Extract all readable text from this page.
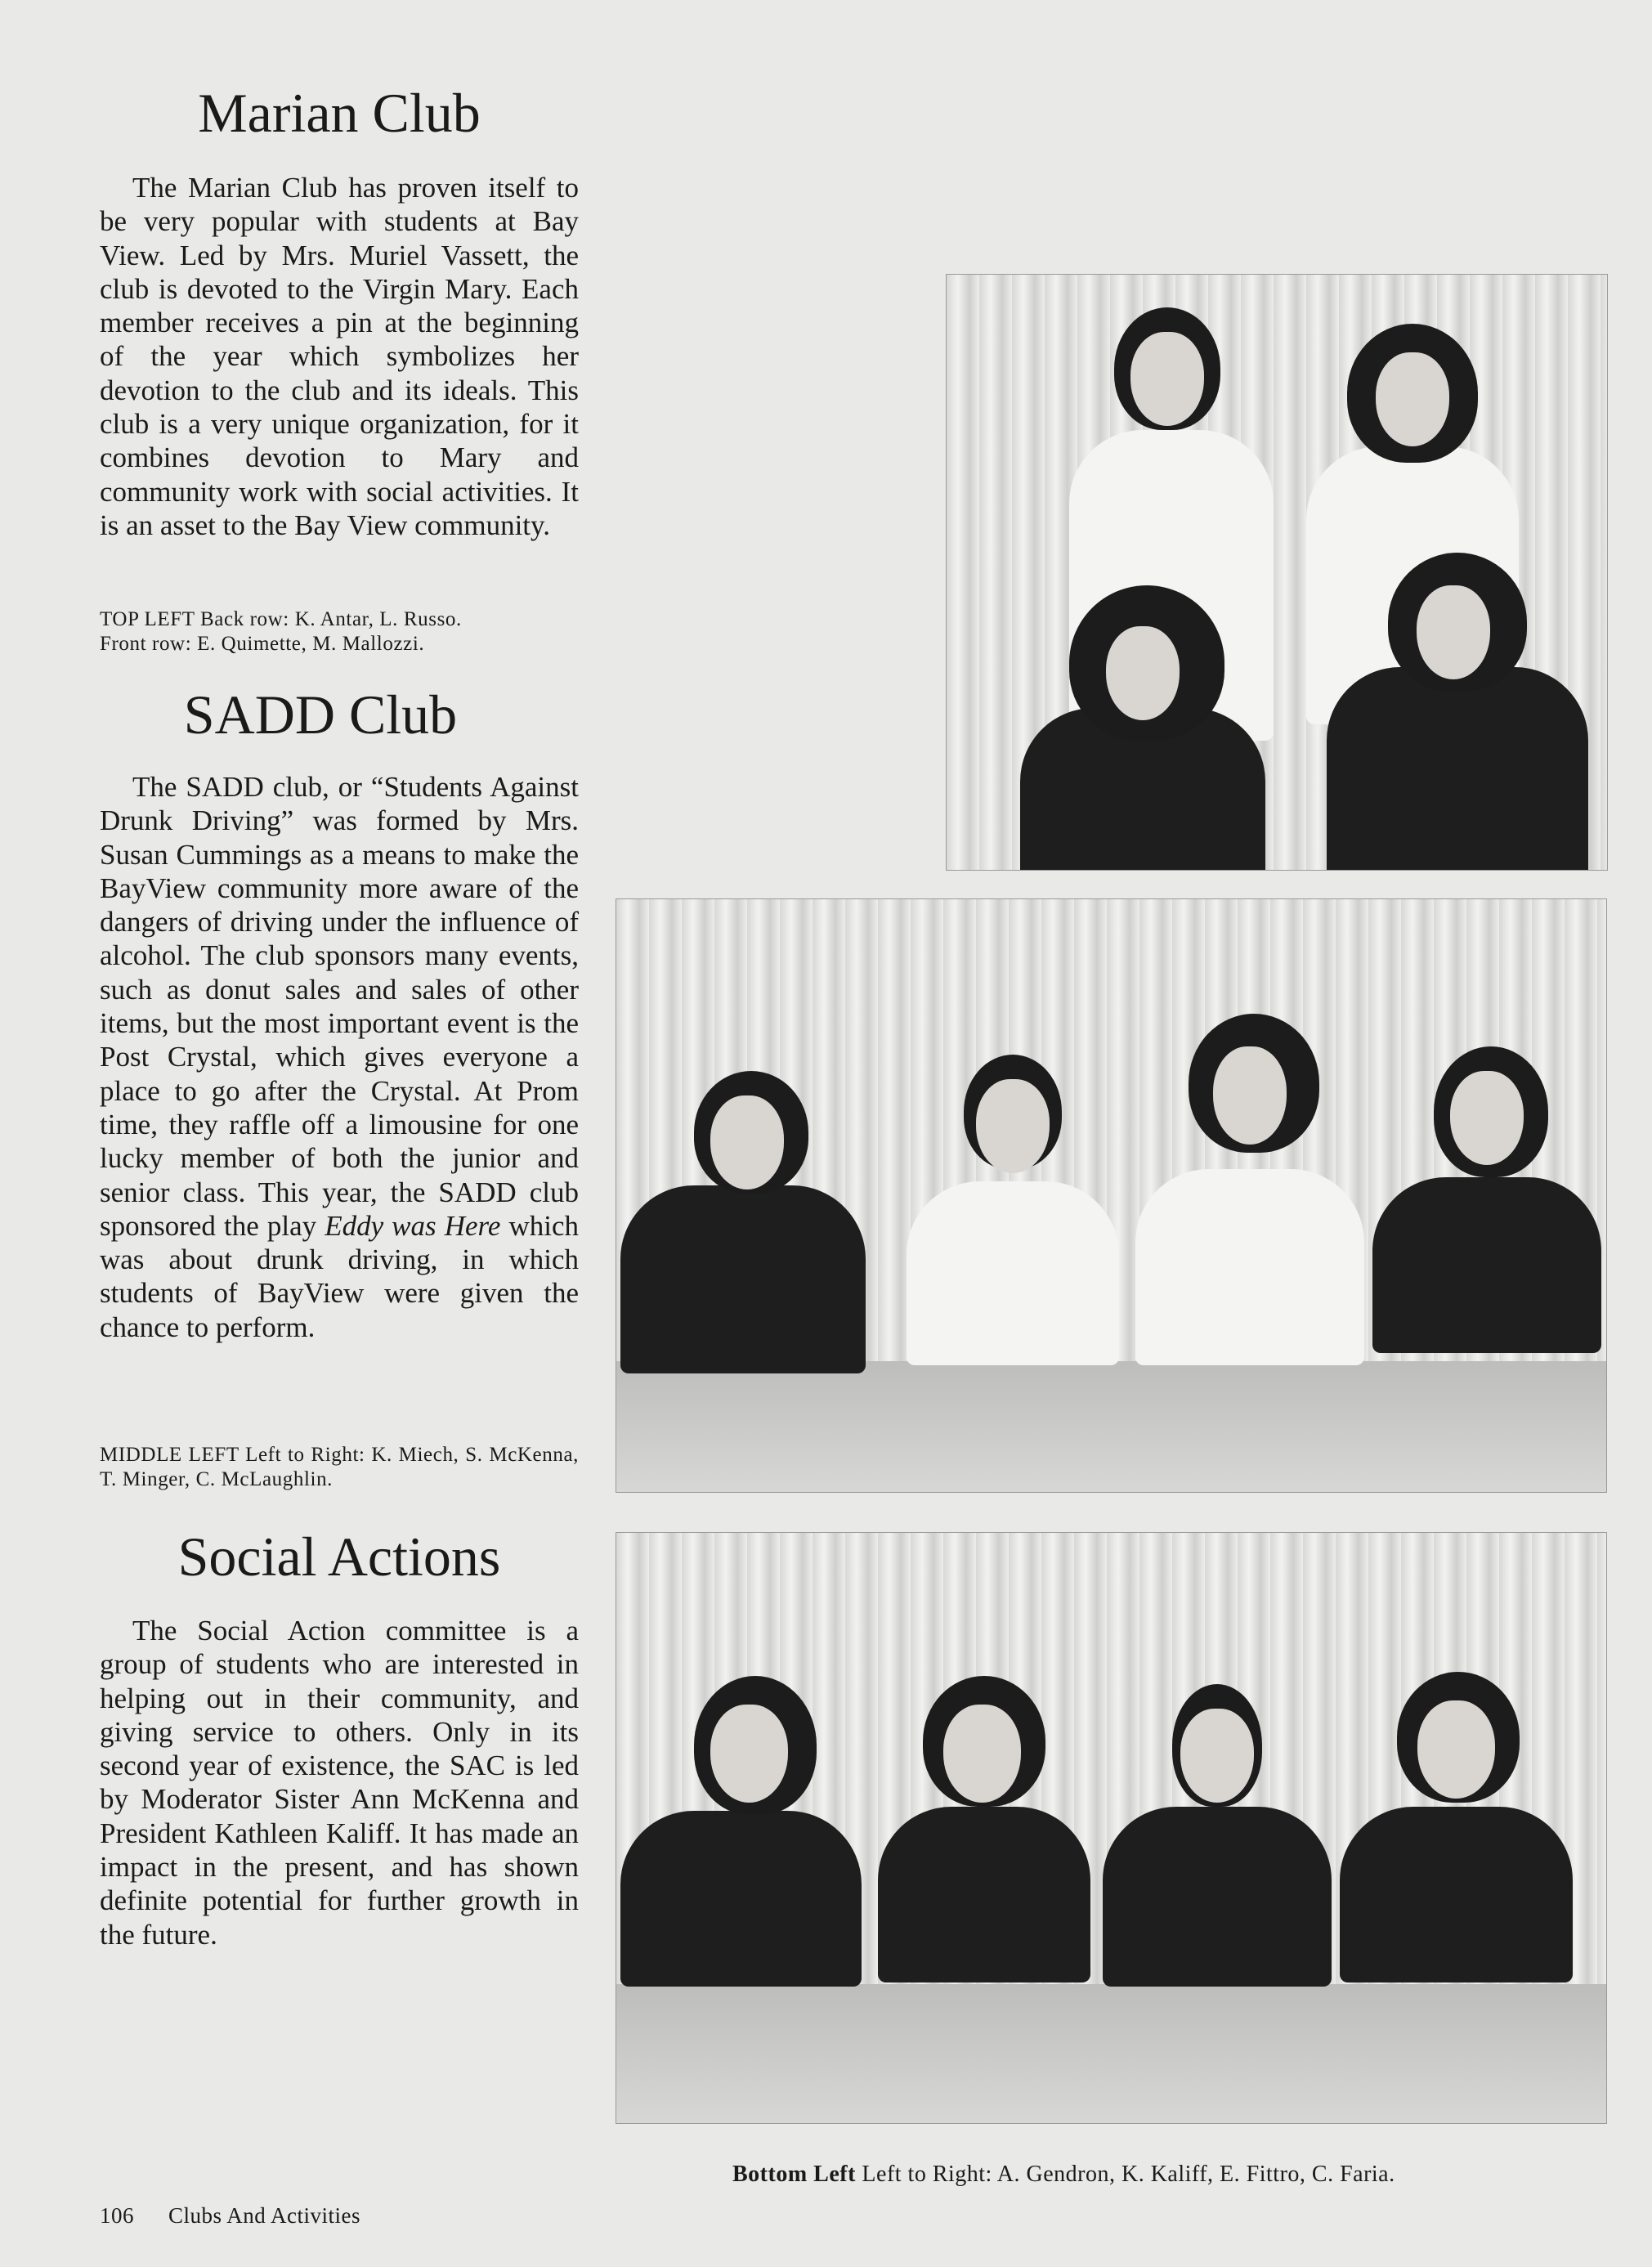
Marian Club

The Marian Club has proven itself to be very popular with students at Bay View. Led by Mrs. Muriel Vassett, the club is devoted to the Virgin Mary. Each member receives a pin at the beginning of the year which symbolizes her devotion to the club and its ideals. This club is a very unique organization, for it combines devotion to Mary and community work with social activities. It is an asset to the Bay View community.

TOP LEFT Back row: K. Antar, L. Russo.
Front row: E. Quimette, M. Mallozzi.

SADD Club

The SADD club, or “Students Against Drunk Driving” was formed by Mrs. Susan Cummings as a means to make the BayView community more aware of the dangers of driving under the influence of alcohol. The club sponsors many events, such as donut sales and sales of other items, but the most important event is the Post Crystal, which gives everyone a place to go after the Crystal. At Prom time, they raffle off a limousine for one lucky member of both the junior and senior class. This year, the SADD club sponsored the play Eddy was Here which was about drunk driving, in which students of BayView were given the chance to perform.

MIDDLE LEFT Left to Right: K. Miech, S. McKenna, T. Minger, C. McLaughlin.

Social Actions

The Social Action committee is a group of students who are interested in helping out in their community, and giving service to others. Only in its second year of existence, the SAC is led by Moderator Sister Ann McKenna and President Kathleen Kaliff. It has made an impact in the present, and has shown definite potential for further growth in the future.

Bottom Left Left to Right: A. Gendron, K. Kaliff, E. Fittro, C. Faria.

106 Clubs And Activities
